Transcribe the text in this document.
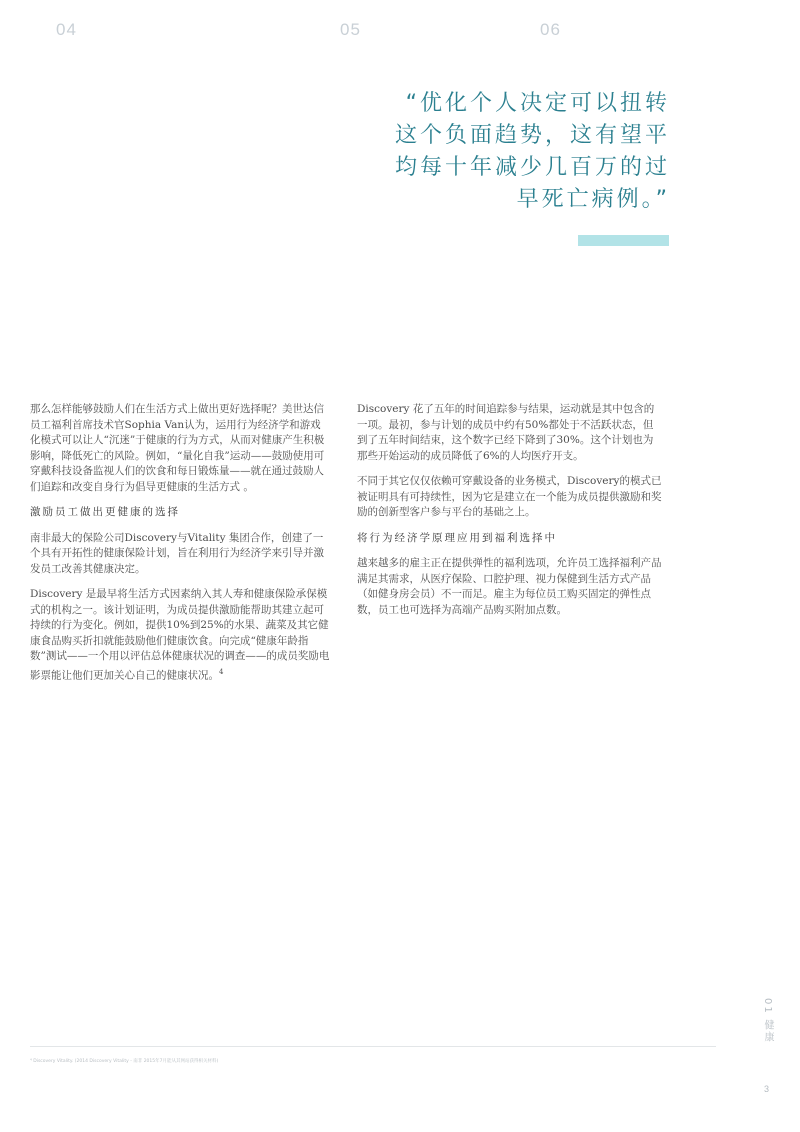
04	05	06
“优化个人决定可以扭转
这个负面趋势，这有望平
均每十年减少几百万的过
早死亡病例。”

那么怎样能够鼓励人们在生活方式上做出更好选择呢？美世达信员工福利首席技术官Sophia Van认为，运用行为经济学和游戏化模式可以让人“沉迷”于健康的行为方式，从而对健康产生积极影响，降低死亡的风险。例如，“量化自我”运动——鼓励使用可穿戴科技设备监视人们的饮食和每日锻炼量——就在通过鼓励人们追踪和改变自身行为倡导更健康的生活方式 。

激励员工做出更健康的选择

南非最大的保险公司Discovery与Vitality 集团合作，创建了一个具有开拓性的健康保险计划，旨在利用行为经济学来引导并激发员工改善其健康决定。

Discovery 是最早将生活方式因素纳入其人寿和健康保险承保模式的机构之一。该计划证明，为成员提供激励能帮助其建立起可持续的行为变化。例如，提供10%到25%的水果、蔬菜及其它健康食品购买折扣就能鼓励他们健康饮食。向完成“健康年龄指数”测试——一个用以评估总体健康状况的调查——的成员奖励电影票能让他们更加关心自己的健康状况。$^4$

Discovery 花了五年的时间追踪参与结果，运动就是其中包含的一项。最初，参与计划的成员中约有50%都处于不活跃状态，但到了五年时间结束，这个数字已经下降到了30%。这个计划也为那些开始运动的成员降低了6%的人均医疗开支。

不同于其它仅仅依赖可穿戴设备的业务模式，Discovery的模式已被证明具有可持续性，因为它是建立在一个能为成员提供激励和奖励的创新型客户参与平台的基础之上。

将行为经济学原理应用到福利选择中

越来越多的雇主正在提供弹性的福利选项，允许员工选择福利产品满足其需求，从医疗保险、口腔护理、视力保健到生活方式产品（如健身房会员）不一而足。雇主为每位员工购买固定的弹性点数，员工也可选择为高端产品购买附加点数。

01 健康
⁴ Discovery Vitality. (2014 Discovery Vitality - 南非 2015年7月能从其网站获得相关材料)
3
